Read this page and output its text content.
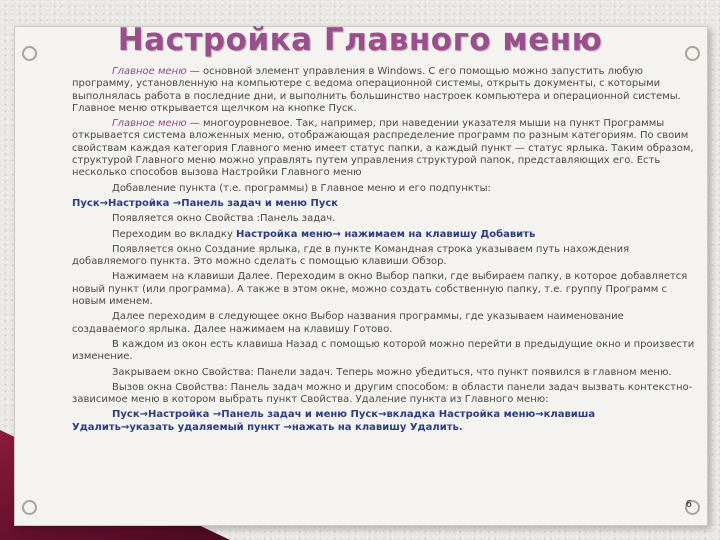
Настройка Главного меню

Главное меню — основной элемент управления в Windows. С его помощью можно запустить любую программу, установленную на компьютере с ведома операционной системы, открыть документы, с которыми выполнялась работа в последние дни, и выполнить большинство настроек компьютера и операционной системы. Главное меню открывается щелчком на кнопке Пуск.

Главное меню — многоуровневое. Так, например, при наведении указателя мыши на пункт Программы открывается система вложенных меню, отображающая распределение программ по разным категориям. По своим свойствам каждая категория Главного меню имеет статус папки, а каждый пункт — статус ярлыка. Таким образом, структурой Главного меню можно управлять путем управления структурой папок, представляющих его. Есть несколько способов вызова Настройки Главного меню

Добавление пункта (т.е. программы) в Главное меню и его подпункты:

Пуск→Настройка →Панель задач и меню Пуск

Появляется окно Свойства :Панель задач.

Переходим во вкладку Настройка меню→ нажимаем на клавишу Добавить

Появляется окно Создание ярлыка, где в пункте Командная строка указываем путь нахождения добавляемого пункта. Это можно сделать с помощью клавиши Обзор.

Нажимаем на клавиши Далее. Переходим в окно Выбор папки, где выбираем папку, в которое добавляется новый пункт (или программа). А также в этом окне, можно создать собственную папку, т.е. группу Программ с новым именем.

Далее переходим в следующее окно Выбор названия программы, где указываем наименование создаваемого ярлыка. Далее нажимаем на клавишу Готово.

В каждом из окон есть клавиша Назад с помощью которой можно перейти в предыдущие окно и произвести изменение.

Закрываем окно Свойства: Панели задач. Теперь можно убедиться, что пункт появился в главном меню.

Вызов окна Свойства: Панель задач можно и другим способом: в области панели задач вызвать контекстно-зависимое меню в котором выбрать пункт Свойства. Удаление пункта из Главного меню:

Пуск→Настройка →Панель задач и меню Пуск→вкладка Настройка меню→клавиша Удалить→указать удаляемый пункт →нажать на клавишу Удалить.

6
